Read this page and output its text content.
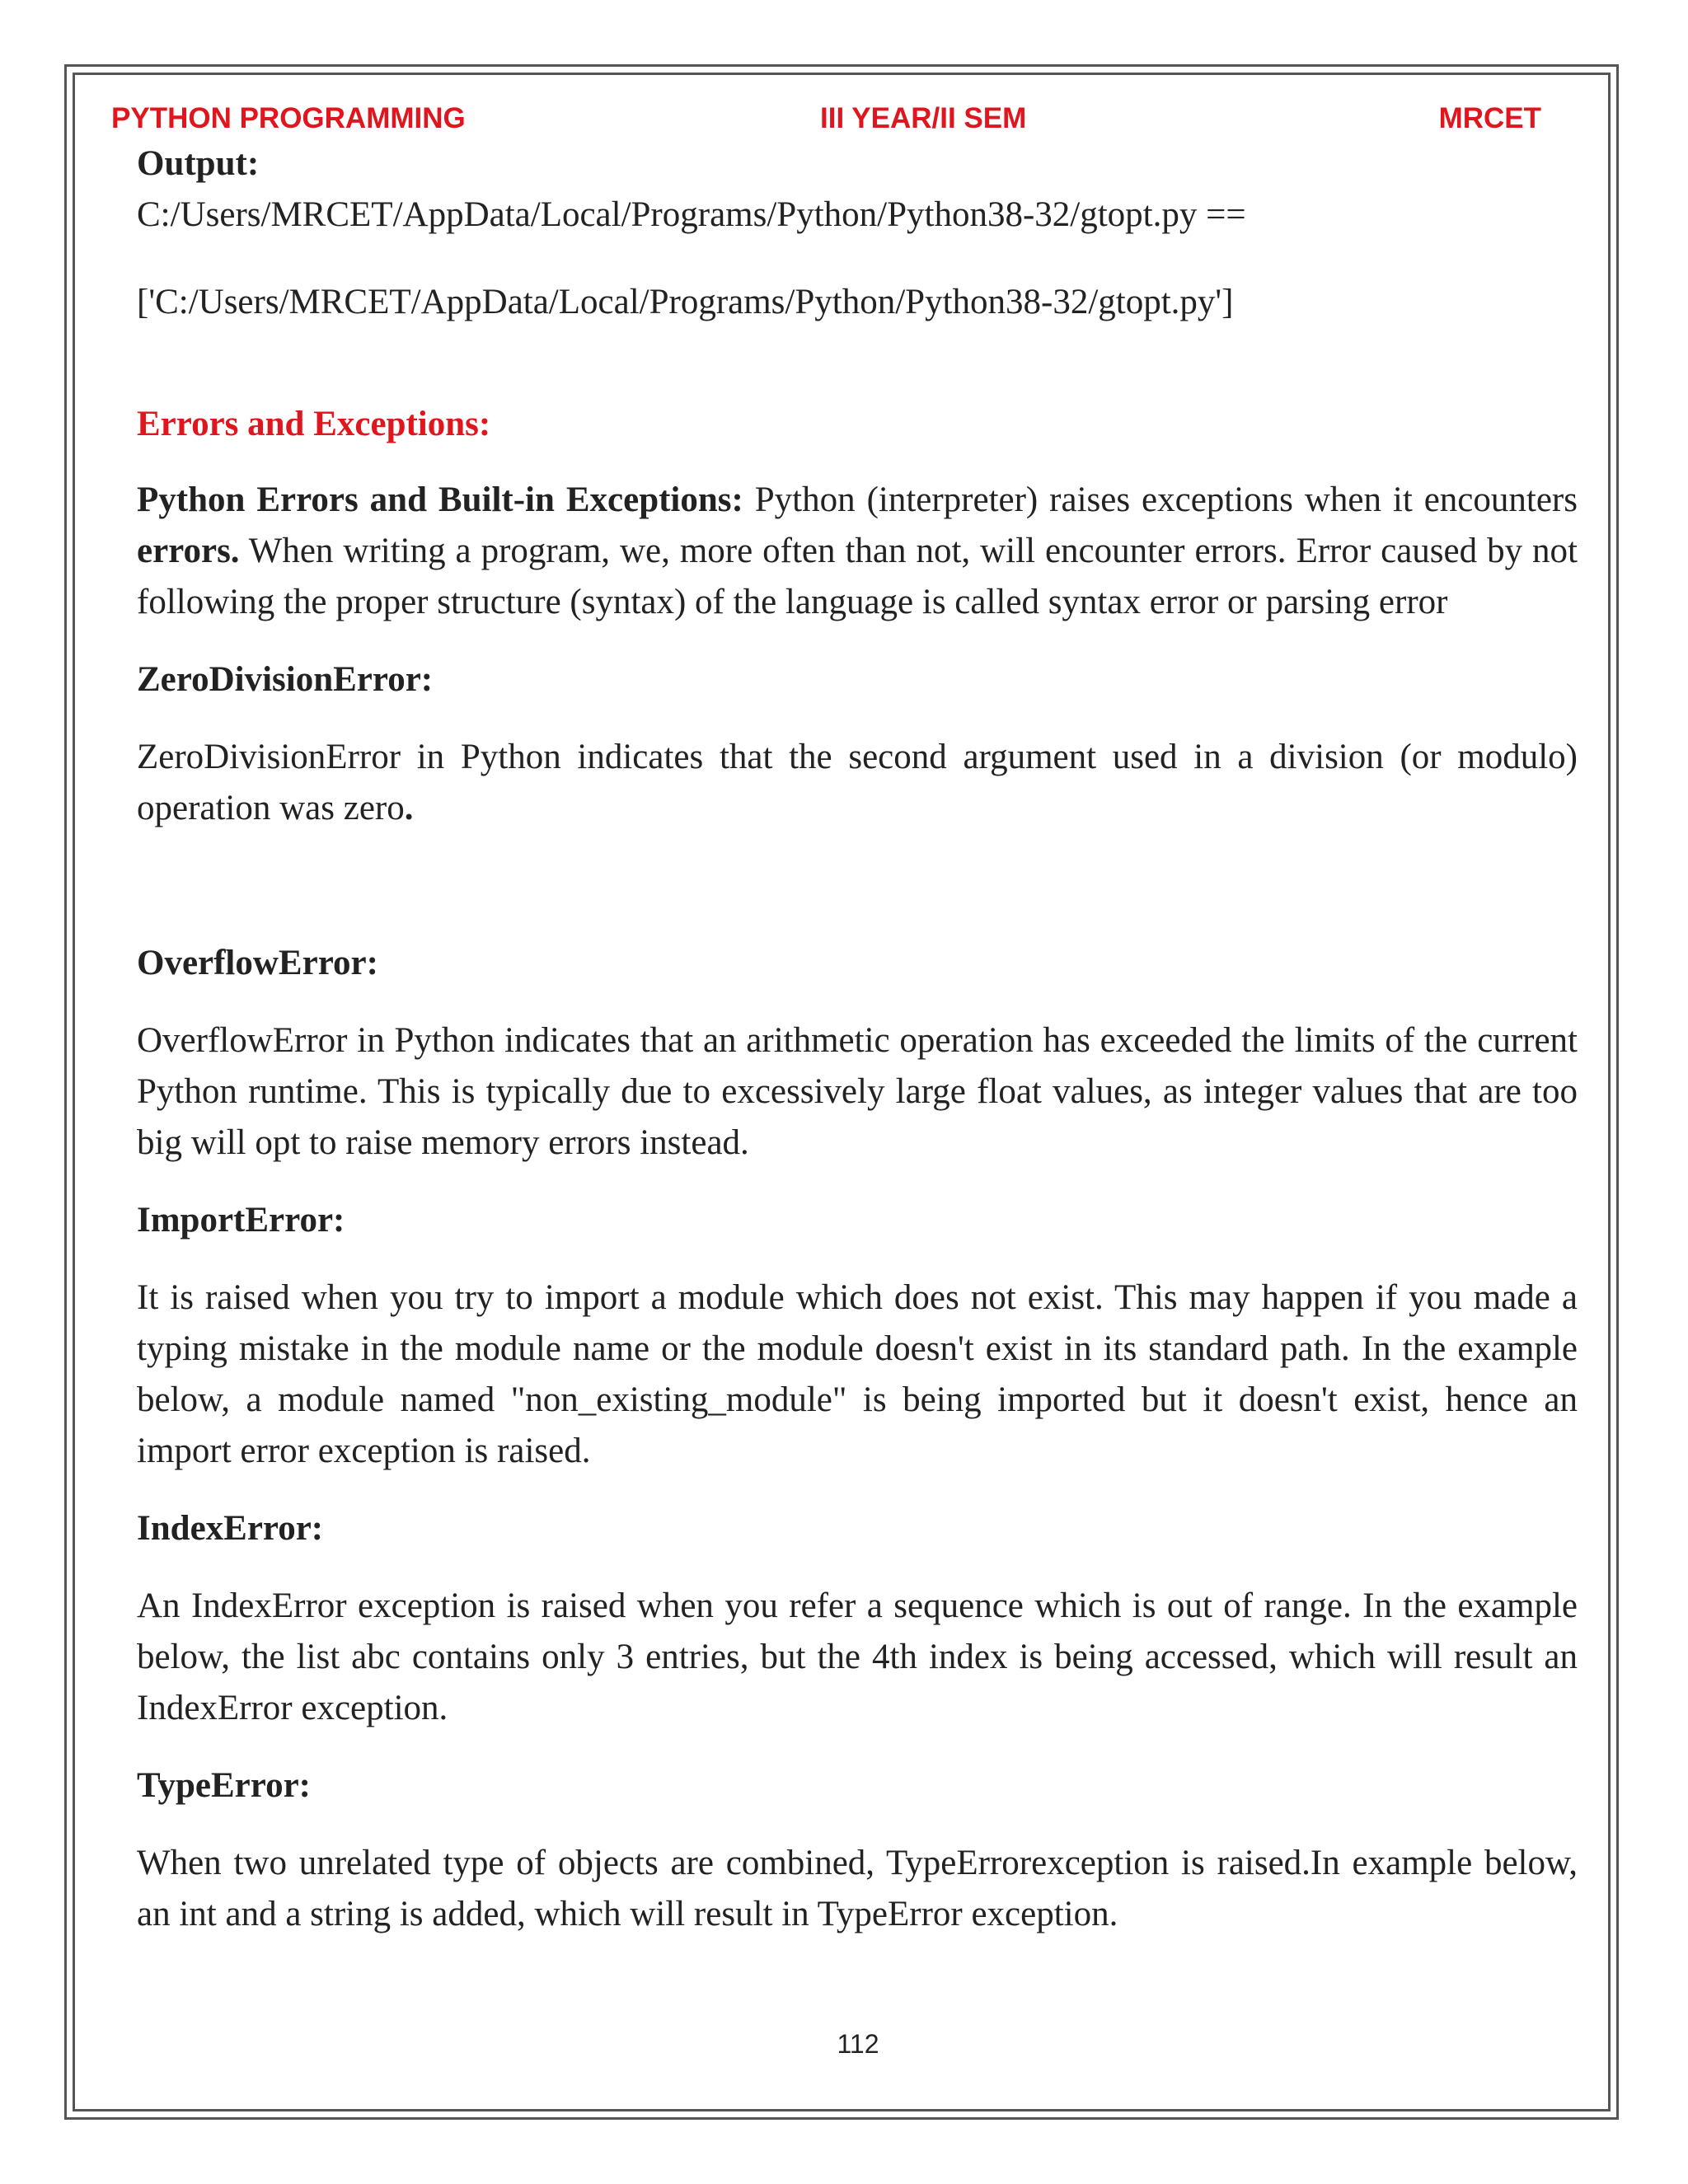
PYTHON PROGRAMMING	III YEAR/II SEM	MRCET

Output:

C:/Users/MRCET/AppData/Local/Programs/Python/Python38-32/gtopt.py ==

['C:/Users/MRCET/AppData/Local/Programs/Python/Python38-32/gtopt.py']

Errors and Exceptions:

Python Errors and Built-in Exceptions: Python (interpreter) raises exceptions when it encounters errors. When writing a program, we, more often than not, will encounter errors. Error caused by not following the proper structure (syntax) of the language is called syntax error or parsing error

ZeroDivisionError:

ZeroDivisionError in Python indicates that the second argument used in a division (or modulo) operation was zero.

OverflowError:

OverflowError in Python indicates that an arithmetic operation has exceeded the limits of the current Python runtime. This is typically due to excessively large float values, as integer values that are too big will opt to raise memory errors instead.

ImportError:

It is raised when you try to import a module which does not exist. This may happen if you made a typing mistake in the module name or the module doesn't exist in its standard path. In the example below, a module named "non_existing_module" is being imported but it doesn't exist, hence an import error exception is raised.

IndexError:

An IndexError exception is raised when you refer a sequence which is out of range. In the example below, the list abc contains only 3 entries, but the 4th index is being accessed, which will result an IndexError exception.

TypeError:

When two unrelated type of objects are combined, TypeErrorexception is raised.In example below, an int and a string is added, which will result in TypeError exception.

112
